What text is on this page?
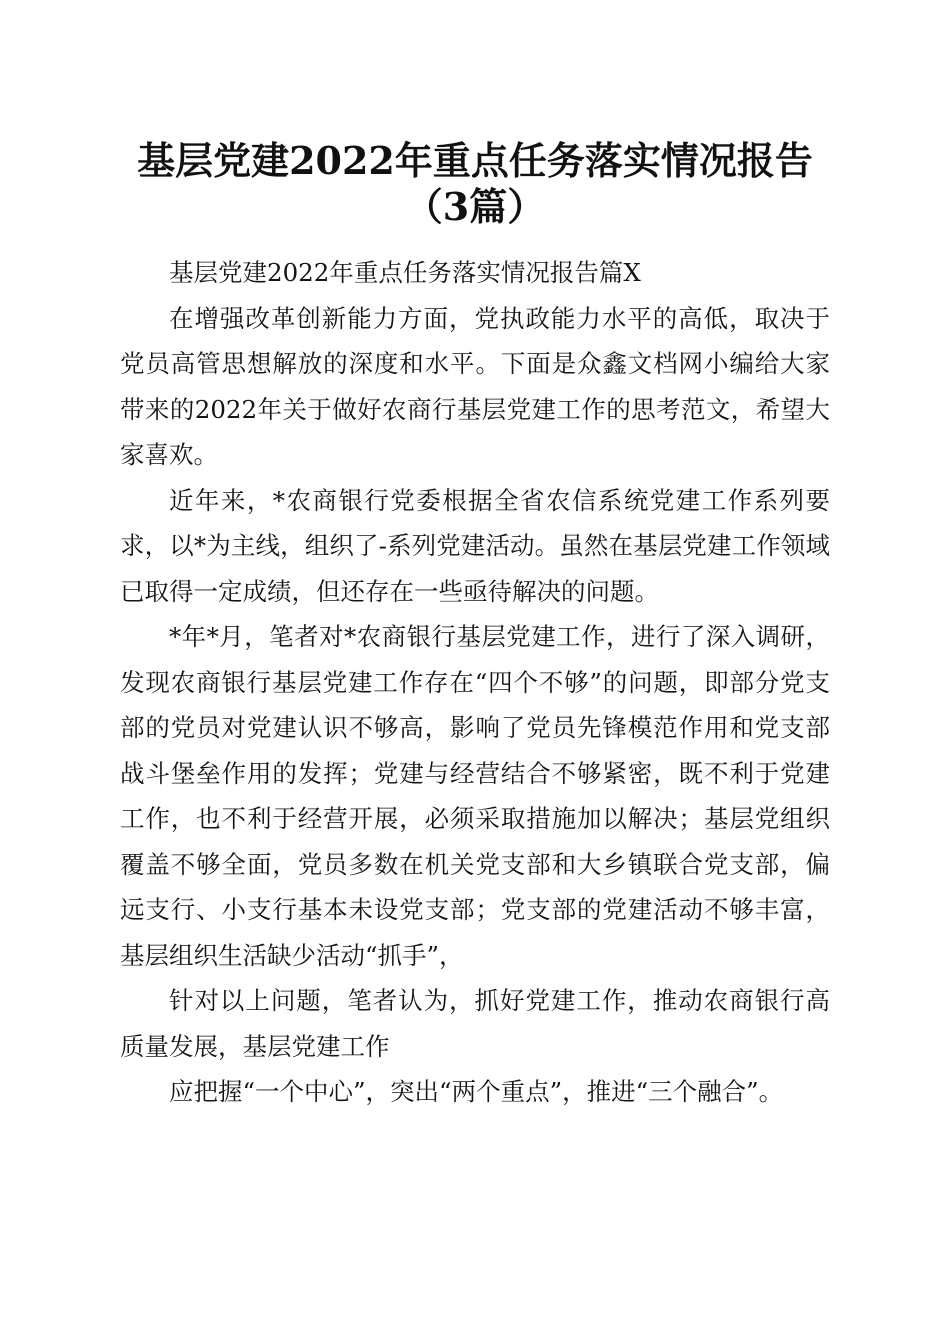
基层党建2022年重点任务落实情况报告（3篇）

基层党建2022年重点任务落实情况报告篇X

在增强改革创新能力方面，党执政能力水平的高低，取决于党员高管思想解放的深度和水平。下面是众鑫文档网小编给大家带来的2022年关于做好农商行基层党建工作的思考范文，希望大家喜欢。

近年来，*农商银行党委根据全省农信系统党建工作系列要求，以*为主线，组织了-系列党建活动。虽然在基层党建工作领域已取得一定成绩，但还存在一些亟待解决的问题。

*年*月，笔者对*农商银行基层党建工作，进行了深入调研，发现农商银行基层党建工作存在“四个不够”的问题，即部分党支部的党员对党建认识不够高，影响了党员先锋模范作用和党支部战斗堡垒作用的发挥；党建与经营结合不够紧密，既不利于党建工作，也不利于经营开展，必须采取措施加以解决；基层党组织覆盖不够全面，党员多数在机关党支部和大乡镇联合党支部，偏远支行、小支行基本未设党支部；党支部的党建活动不够丰富，基层组织生活缺少活动“抓手”，

针对以上问题，笔者认为，抓好党建工作，推动农商银行高质量发展，基层党建工作

应把握“一个中心”，突出“两个重点”，推进“三个融合”。
